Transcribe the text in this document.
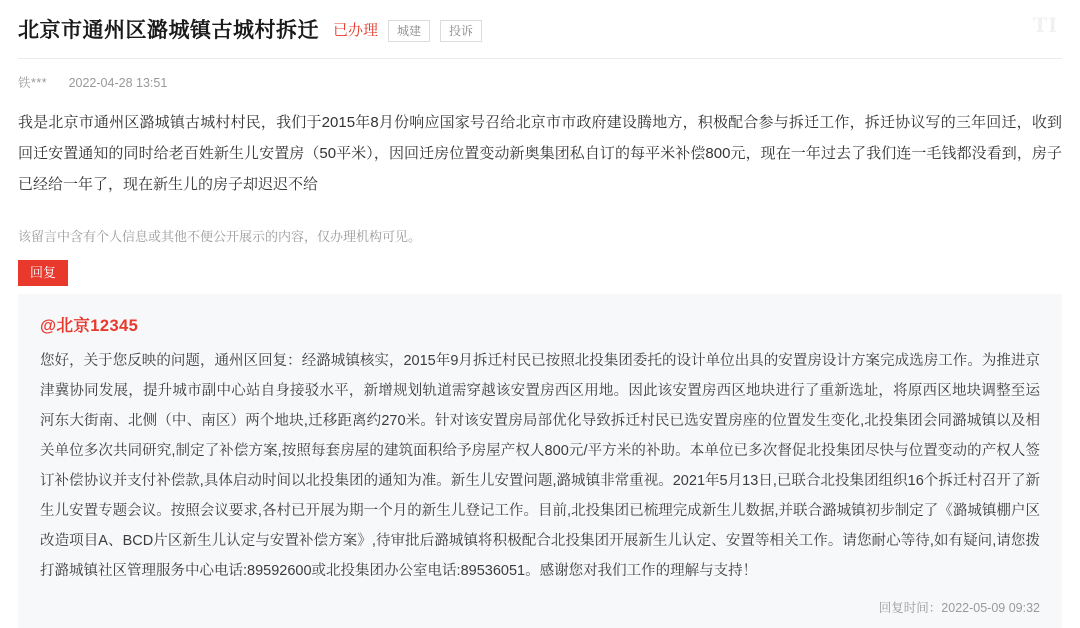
北京市通州区潞城镇古城村拆迁 已办理	城建	投诉	TI
铁*** 2022-04-28 13:51
我是北京市通州区潞城镇古城村村民，我们于2015年8月份响应国家号召给北京市市政府建设腾地方，积极配合参与拆迁工作，拆迁协议写的三年回迁，收到回迁安置通知的同时给老百姓新生儿安置房（50平米），因回迁房位置变动新奥集团私自订的每平米补偿800元，现在一年过去了我们连一毛钱都没看到，房子已经给一年了，现在新生儿的房子却迟迟不给
该留言中含有个人信息或其他不便公开展示的内容，仅办理机构可见。
回复
@北京12345
您好，关于您反映的问题，通州区回复：经潞城镇核实，2015年9月拆迁村民已按照北投集团委托的设计单位出具的安置房设计方案完成选房工作。为推进京津冀协同发展，提升城市副中心站自身接驳水平，新增规划轨道需穿越该安置房西区用地。因此该安置房西区地块进行了重新选址，将原西区地块调整至运河东大街南、北侧（中、南区）两个地块,迁移距离约270米。针对该安置房局部优化导致拆迁村民已选安置房座的位置发生变化,北投集团会同潞城镇以及相关单位多次共同研究,制定了补偿方案,按照每套房屋的建筑面积给予房屋产权人800元/平方米的补助。本单位已多次督促北投集团尽快与位置变动的产权人签订补偿协议并支付补偿款,具体启动时间以北投集团的通知为准。新生儿安置问题,潞城镇非常重视。2021年5月13日,已联合北投集团组织16个拆迁村召开了新生儿安置专题会议。按照会议要求,各村已开展为期一个月的新生儿登记工作。目前,北投集团已梳理完成新生儿数据,并联合潞城镇初步制定了《潞城镇棚户区改造项目A、BCD片区新生儿认定与安置补偿方案》,待审批后潞城镇将积极配合北投集团开展新生儿认定、安置等相关工作。请您耐心等待,如有疑问,请您拨打潞城镇社区管理服务中心电话:89592600或北投集团办公室电话:89536051。感谢您对我们工作的理解与支持！
回复时间：2022-05-09 09:32
